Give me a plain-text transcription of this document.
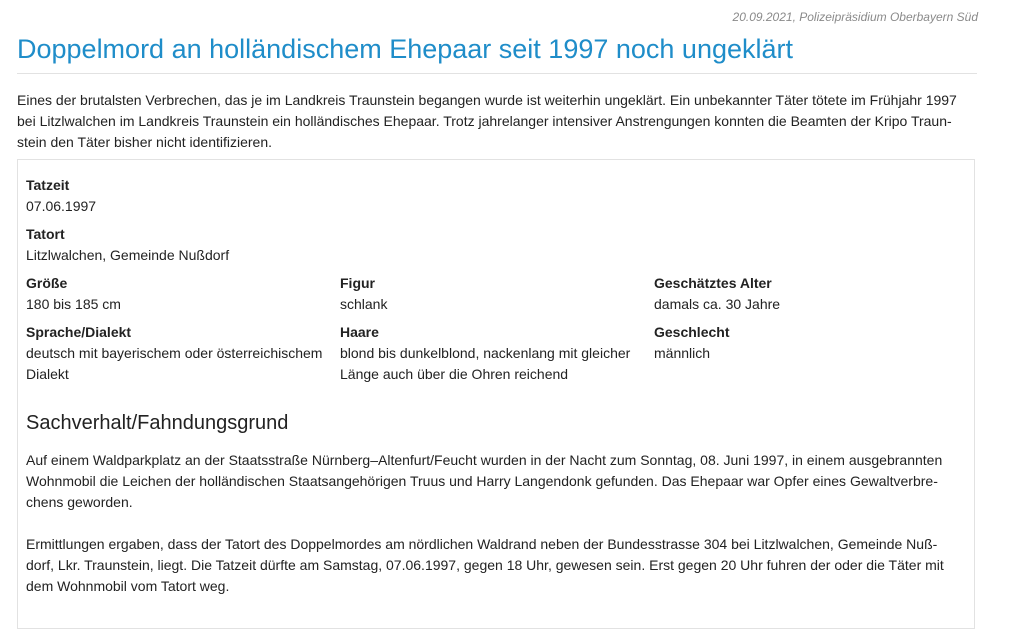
20.09.2021, Polizeipräsidium Oberbayern Süd
Doppelmord an holländischem Ehepaar seit 1997 noch ungeklärt

Eines der brutalsten Verbrechen, das je im Landkreis Traunstein begangen wurde ist weiterhin ungeklärt. Ein unbekannter Täter tötete im Frühjahr 1997
bei Litzlwalchen im Landkreis Traunstein ein holländisches Ehepaar. Trotz jahrelanger intensiver Anstrengungen konnten die Beamten der Kripo Traun-
stein den Täter bisher nicht identifizieren.

Tatzeit
07.06.1997
Tatort
Litzlwalchen, Gemeinde Nußdorf
Größe
180 bis 185 cm
Figur
schlank
Geschätztes Alter
damals ca. 30 Jahre
Sprache/Dialekt
deutsch mit bayerischem oder österreichischem
Dialekt
Haare
blond bis dunkelblond, nackenlang mit gleicher
Länge auch über die Ohren reichend
Geschlecht
männlich
Sachverhalt/Fahndungsgrund

Auf einem Waldparkplatz an der Staatsstraße Nürnberg–Altenfurt/Feucht wurden in der Nacht zum Sonntag, 08. Juni 1997, in einem ausgebrannten
Wohnmobil die Leichen der holländischen Staatsangehörigen Truus und Harry Langendonk gefunden. Das Ehepaar war Opfer eines Gewaltverbre-
chens geworden.

Ermittlungen ergaben, dass der Tatort des Doppelmordes am nördlichen Waldrand neben der Bundesstrasse 304 bei Litzlwalchen, Gemeinde Nuß-
dorf, Lkr. Traunstein, liegt. Die Tatzeit dürfte am Samstag, 07.06.1997, gegen 18 Uhr, gewesen sein. Erst gegen 20 Uhr fuhren der oder die Täter mit
dem Wohnmobil vom Tatort weg.
